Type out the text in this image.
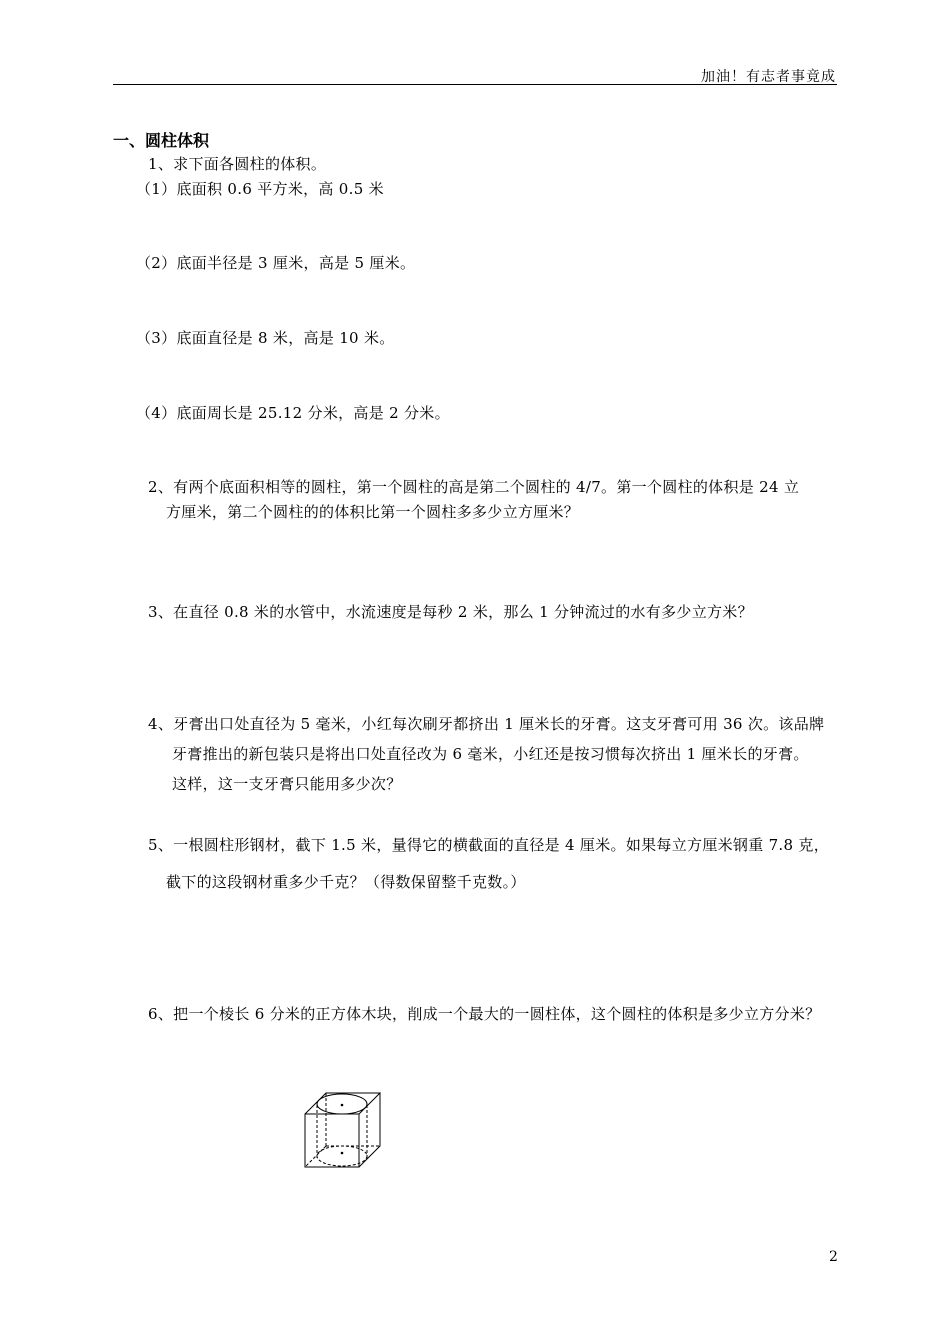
加油！有志者事竟成
一、圆柱体积
1、求下面各圆柱的体积。
（1）底面积 0.6 平方米，高 0.5 米
（2）底面半径是 3 厘米，高是 5 厘米。
（3）底面直径是 8 米，高是 10 米。
（4）底面周长是 25.12 分米，高是 2 分米。
2、有两个底面积相等的圆柱，第一个圆柱的高是第二个圆柱的 4/7。第一个圆柱的体积是 24 立
方厘米，第二个圆柱的的体积比第一个圆柱多多少立方厘米？
3、在直径 0.8 米的水管中，水流速度是每秒 2 米，那么 1 分钟流过的水有多少立方米？
4、牙膏出口处直径为 5 毫米，小红每次刷牙都挤出 1 厘米长的牙膏。这支牙膏可用 36 次。该品牌
牙膏推出的新包装只是将出口处直径改为 6 毫米，小红还是按习惯每次挤出 1 厘米长的牙膏。
这样，这一支牙膏只能用多少次？
5、一根圆柱形钢材，截下 1.5 米，量得它的横截面的直径是 4 厘米。如果每立方厘米钢重 7.8 克，
截下的这段钢材重多少千克？（得数保留整千克数。）
6、把一个棱长 6 分米的正方体木块，削成一个最大的一圆柱体，这个圆柱的体积是多少立方分米？
2
